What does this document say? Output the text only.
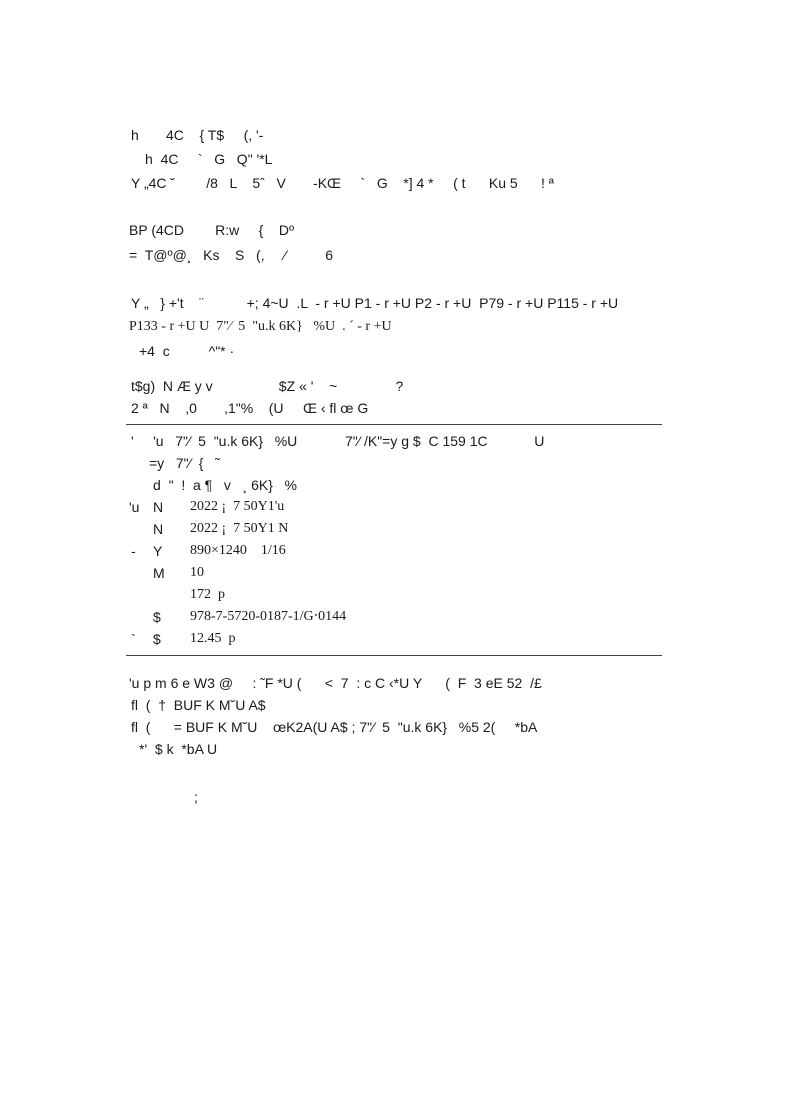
h       4C    { T$     (, '-
h  4C     `   G   Q" '*L
Y „4C ˘        /8   L    5ˆ   V       -KŒ     `   G    *] 4 *     ( t      Ku 5      ! ª
BP (4CD        R:w     {    Dº
=  T@º@¸   Ks    S   (,     ⁄          6
Y „   } +'t    ¨           +; 4~U  .L  - r +U P1 - r +U P2 - r +U  P79 - r +U P115 - r +U
P133 - r +U U  7"⁄  5  "u.k 6K}   %U  . ´ - r +U
+4  c          ^"* ·
t$g)  N Æ y v                 $Z « '    ~               ?
2 ª   N    ,0       ,1"%    (U     Œ ‹ fl œ G
'     'u   7"⁄  5  "u.k 6K}   %U	7"⁄ /K"=y g $  C 159 1C            U
=y   7"⁄  {   ˜
d  "  !  a ¶   v   ¸ 6K}   %
'u N 2022 ¡  7 50Y1'u
N 2022 ¡  7 50Y1 N
- Y 890×1240    1/16
M 10
172  p
$ 978-7-5720-0187-1/G‧0144
` $ 12.45  p
'u p m 6 e W3 @     : ˜F *U (      <  7  : c C ‹*U Y      (  F  3 eE 52  /£
fl  (  †  BUF K M˘U A$
fl  (      = BUF K M˘U    œK2A(U A$ ; 7"⁄  5  "u.k 6K}   %5 2(     *bA
*'  $ k  *bA U
;
